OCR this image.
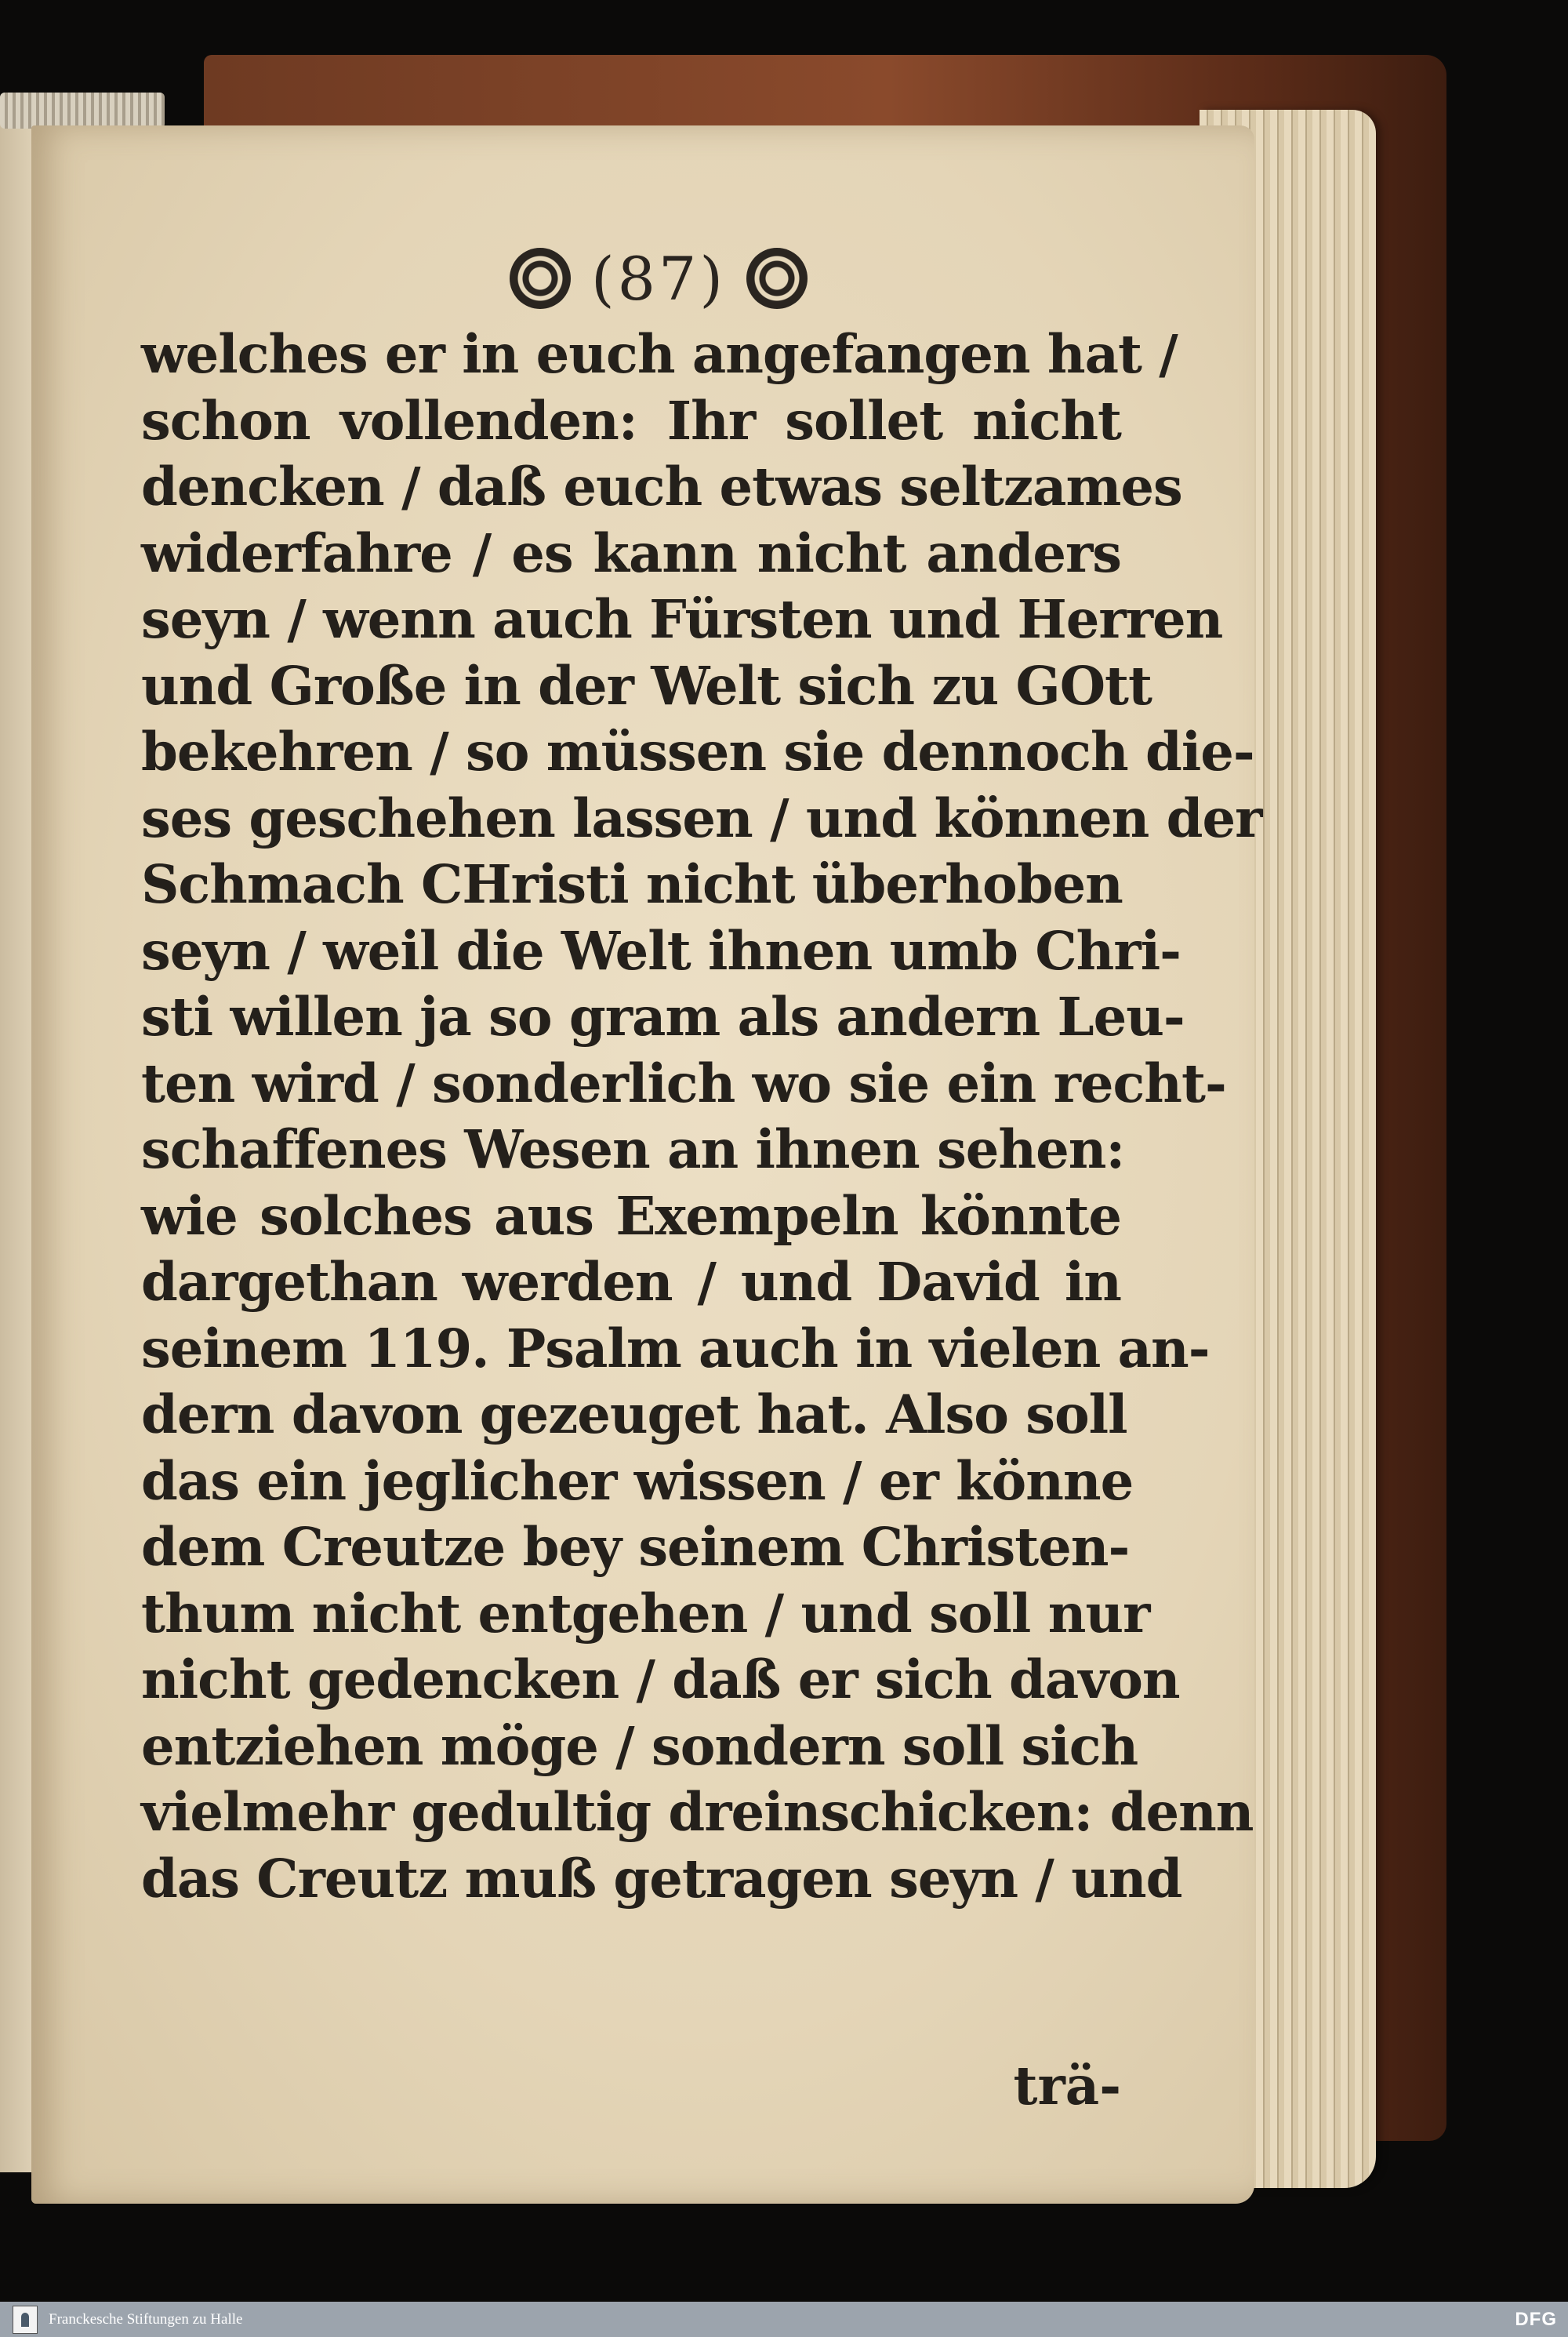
(87)
welches er in euch angefangen hat /
schon vollenden: Ihr sollet nicht
dencken / daß euch etwas seltzames
widerfahre / es kann nicht anders
seyn / wenn auch Fürsten und Herren
und Große in der Welt sich zu GOtt
bekehren / so müssen sie dennoch die-
ses geschehen lassen / und können der
Schmach CHristi nicht überhoben
seyn / weil die Welt ihnen umb Chri-
sti willen ja so gram als andern Leu-
ten wird / sonderlich wo sie ein recht-
schaffenes Wesen an ihnen sehen:
wie solches aus Exempeln könnte
dargethan werden / und David in
seinem 119. Psalm auch in vielen an-
dern davon gezeuget hat. Also soll
das ein jeglicher wissen / er könne
dem Creutze bey seinem Christen-
thum nicht entgehen / und soll nur
nicht gedencken / daß er sich davon
entziehen möge / sondern soll sich
vielmehr gedultig dreinschicken: denn
das Creutz muß getragen seyn / und
trä-
Franckesche Stiftungen zu Halle	DFG
